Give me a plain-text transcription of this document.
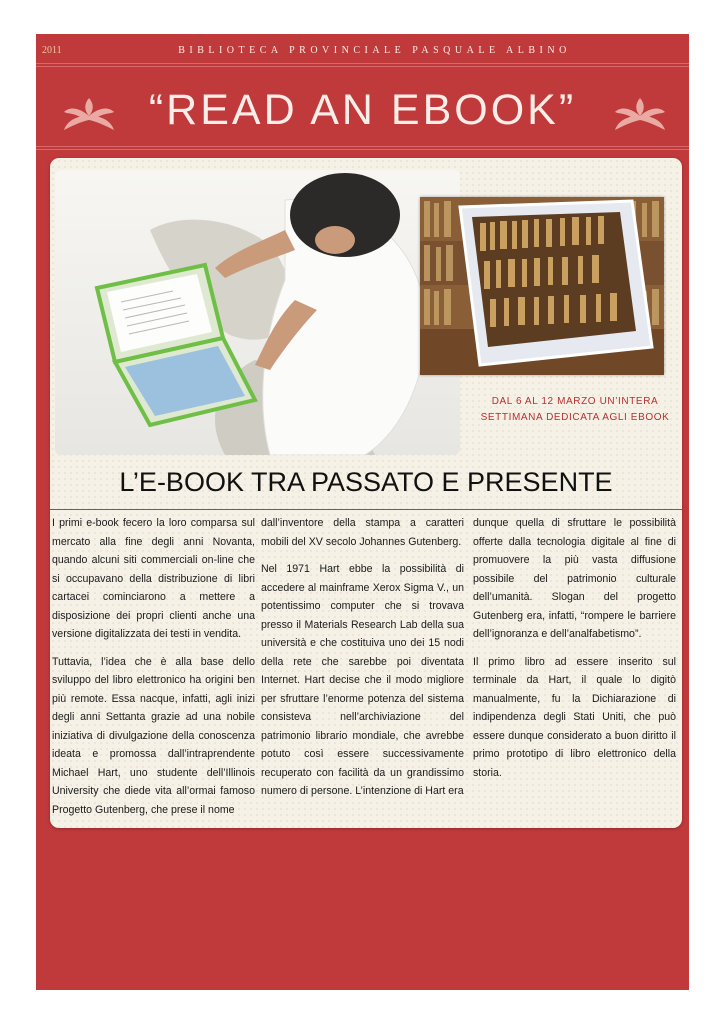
2011	BIBLIOTECA PROVINCIALE PASQUALE ALBINO
“READ AN EBOOK”
DAL 6 AL 12 MARZO UN’INTERA SETTIMANA DEDICATA AGLI EBOOK
L’E-BOOK TRA PASSATO E PRESENTE

I primi e-book fecero la loro comparsa sul mercato alla fine degli anni Novanta, quando alcuni siti commerciali on-line che si occupavano della distribuzione di libri cartacei cominciarono a mettere a disposizione dei propri clienti anche una versione digitalizzata dei testi in vendita.

Tuttavia, l’idea che è alla base dello sviluppo del libro elettronico ha origini ben più remote. Essa nacque, infatti, agli inizi degli anni Settanta grazie ad una nobile iniziativa di divulgazione della conoscenza ideata e promossa dall’intraprendente Michael Hart, uno studente dell’Illinois University che diede vita all’ormai famoso Progetto Gutenberg, che prese il nome

dall’inventore della stampa a caratteri mobili del XV secolo Johannes Gutenberg.

Nel 1971 Hart ebbe la possibilità di accedere al mainframe Xerox Sigma V., un potentissimo computer che si trovava presso il Materials Research Lab della sua università e che costituiva uno dei 15 nodi della rete che sarebbe poi diventata Internet. Hart decise che il modo migliore per sfruttare l’enorme potenza del sistema consisteva nell’archiviazione del patrimonio librario mondiale, che avrebbe potuto così essere successivamente recuperato con facilità da un grandissimo numero di persone. L’intenzione di Hart era

dunque quella di sfruttare le possibilità offerte dalla tecnologia digitale al fine di promuovere la più vasta diffusione possibile del patrimonio culturale dell’umanità. Slogan del progetto Gutenberg era, infatti, “rompere le barriere dell’ignoranza e dell’analfabetismo”.

Il primo libro ad essere inserito sul terminale da Hart, il quale lo digitò manualmente, fu la Dichiarazione di indipendenza degli Stati Uniti, che può essere dunque considerato a buon diritto il primo prototipo di libro elettronico della storia.
